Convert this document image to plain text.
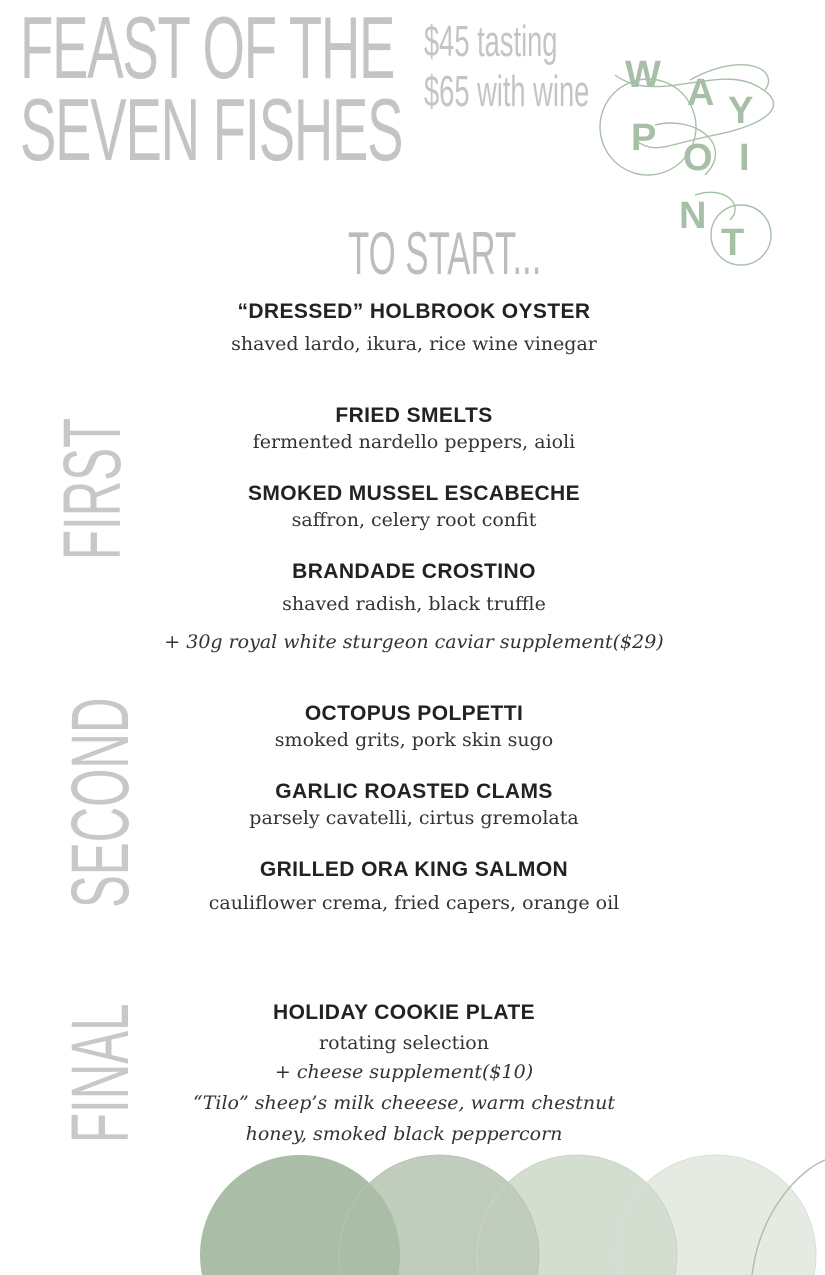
FEAST OF THE
SEVEN FISHES
$45 tasting
$65 with wine W A Y
P O I
N
T
TO START...
FIRST
SECOND
FINAL
“DRESSED” HOLBROOK OYSTER
shaved lardo, ikura, rice wine vinegar
FRIED SMELTS
fermented nardello peppers, aioli
SMOKED MUSSEL ESCABECHE
saffron, celery root confit
BRANDADE CROSTINO
shaved radish, black truffle
+ 30g royal white sturgeon caviar supplement($29)
OCTOPUS POLPETTI
smoked grits, pork skin sugo
GARLIC ROASTED CLAMS
parsely cavatelli, cirtus gremolata
GRILLED ORA KING SALMON
cauliflower crema, fried capers, orange oil
HOLIDAY COOKIE PLATE
rotating selection
+ cheese supplement($10)
“Tilo” sheep’s milk cheeese, warm chestnut
honey, smoked black peppercorn
